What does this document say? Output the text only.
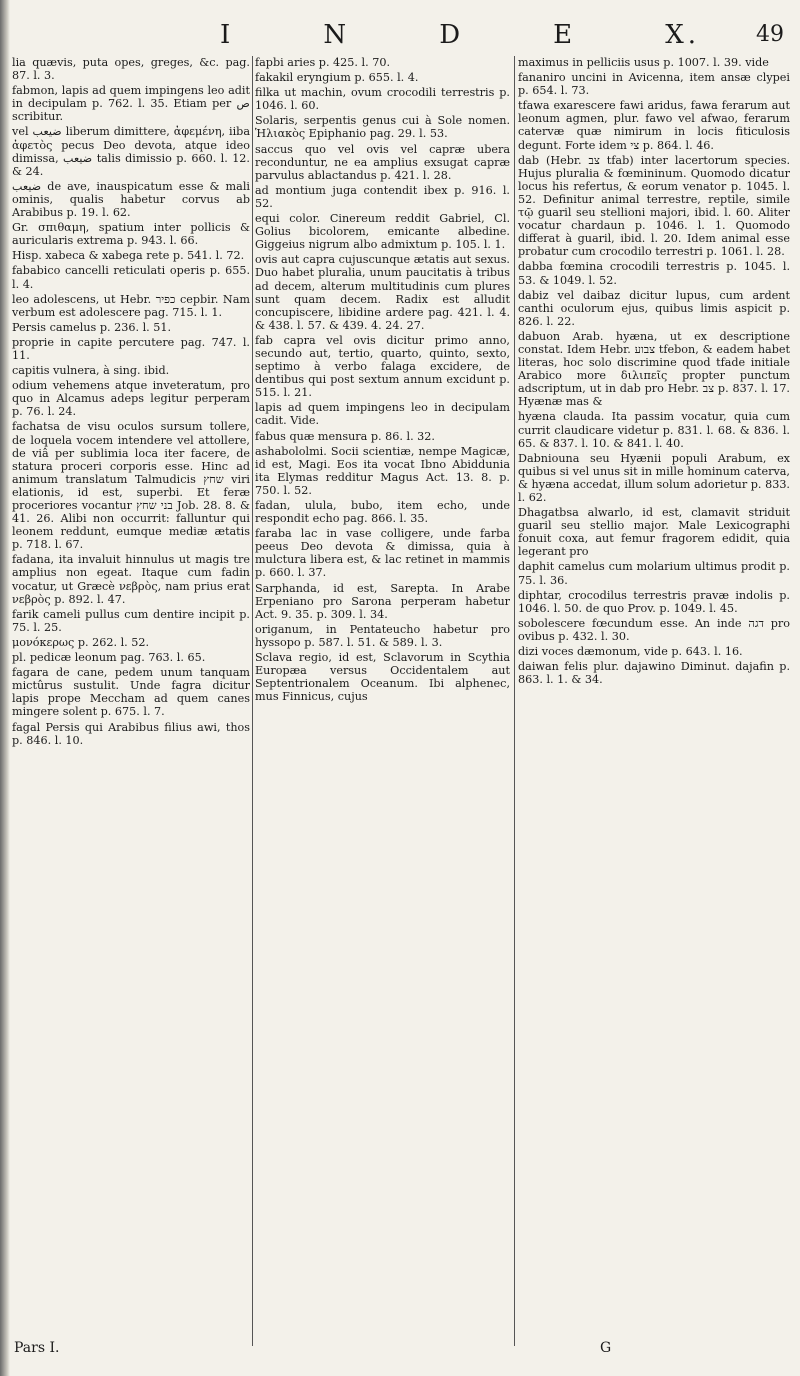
I	N	D	E	X.	49

lia quævis, puta opes, greges, &c. pag. 87. l. 3.

fabmon, lapis ad quem impingens leo adit in decipulam p. 762. l. 35. Etiam per ص scribitur.

vel ضيعب liberum dimittere, ἀφεμένη, iiba ἀφετὸς pecus Deo devota, atque ideo dimissa, ضيعب talis dimissio p. 660. l. 12. & 24.

ضيعب de ave, inauspicatum esse & mali ominis, qualis habetur corvus ab Arabibus p. 19. l. 62.

Gr. σπιθαμη, spatium inter pollicis & auricularis extrema p. 943. l. 66.

Hisp. xabeca & xabega rete p. 541. l. 72.

fababico cancelli reticulati operis p. 655. l. 4.

leo adolescens, ut Hebr. כפיר cepbir. Nam verbum est adolescere pag. 715. l. 1.

Persis camelus p. 236. l. 51.

proprie in capite percutere pag. 747. l. 11.

capitis vulnera, à sing. ibid.

odium vehemens atque inveteratum, pro quo in Alcamus adeps legitur perperam p. 76. l. 24.

fachatsa de visu oculos sursum tollere, de loquela vocem intendere vel attollere, de viâ per sublimia loca iter facere, de statura proceri corporis esse. Hinc ad animum translatum Talmudicis שחץ viri elationis, id est, superbi. Et feræ proceriores vocantur בני שחץ Job. 28. 8. & 41. 26. Alibi non occurrit: falluntur qui leonem reddunt, eumque mediæ ætatis p. 718. l. 67.

fadana, ita invaluit hinnulus ut magis tre amplius non egeat. Itaque cum fadin vocatur, ut Græcè νεβρὸς, nam prius erat νεβρὸς p. 892. l. 47.

farik cameli pullus cum dentire incipit p. 75. l. 25.

μονόκερως p. 262. l. 52.

pl. pedicæ leonum pag. 763. l. 65.

fagara de cane, pedem unum tanquam mictûrus sustulit. Unde fagra dicitur lapis prope Meccham ad quem canes mingere solent p. 675. l. 7.

fagal Persis qui Arabibus filius awi, thos p. 846. l. 10.

fapbi aries p. 425. l. 70.

fakakil eryngium p. 655. l. 4.

filka ut machin, ovum crocodili terrestris p. 1046. l. 60.

Solaris, serpentis genus cui à Sole nomen. Ἡλιακὸς Epiphanio pag. 29. l. 53.

saccus quo vel ovis vel capræ ubera reconduntur, ne ea amplius exsugat capræ parvulus ablactandus p. 421. l. 28.

ad montium juga contendit ibex p. 916. l. 52.

equi color. Cinereum reddit Gabriel, Cl. Golius bicolorem, emicante albedine. Giggeius nigrum albo admixtum p. 105. l. 1.

ovis aut capra cujuscunque ætatis aut sexus. Duo habet pluralia, unum paucitatis à tribus ad decem, alterum multitudinis cum plures sunt quam decem. Radix est alludit concupiscere, libidine ardere pag. 421. l. 4. & 438. l. 57. & 439. 4. 24. 27.

fab capra vel ovis dicitur primo anno, secundo aut, tertio, quarto, quinto, sexto, septimo à verbo falaga excidere, de dentibus qui post sextum annum excidunt p. 515. l. 21.

lapis ad quem impingens leo in decipulam cadit. Vide.

fabus quæ mensura p. 86. l. 32.

ashabololmi. Socii scientiæ, nempe Magicæ, id est, Magi. Eos ita vocat Ibno Abiddunia ita Elymas redditur Magus Act. 13. 8. p. 750. l. 52.

fadan, ulula, bubo, item echo, unde respondit echo pag. 866. l. 35.

faraba lac in vase colligere, unde farba peeus Deo devota & dimissa, quia à mulctura libera est, & lac retinet in mammis p. 660. l. 37.

Sarphanda, id est, Sarepta. In Arabe Erpeniano pro Sarona perperam habetur Act. 9. 35. p. 309. l. 34.

origanum, in Pentateucho habetur pro hyssopo p. 587. l. 51. & 589. l. 3.

Sclava regio, id est, Sclavorum in Scythia Europæa versus Occidentalem aut Septentrionalem Oceanum. Ibi alphenec, mus Finnicus, cujus

maximus in pelliciis usus p. 1007. l. 39. vide

fananiro uncini in Avicenna, item ansæ clypei p. 654. l. 73.

tfawa exarescere fawi aridus, fawa ferarum aut leonum agmen, plur. fawo vel afwao, ferarum catervæ quæ nimirum in locis fiticulosis degunt. Forte idem צי p. 864. l. 46.

dab (Hebr. צב tfab) inter lacertorum species. Hujus pluralia & fœmininum. Quomodo dicatur locus his refertus, & eorum venator p. 1045. l. 52. Definitur animal terrestre, reptile, simile τῷ guaril seu stellioni majori, ibid. l. 60. Aliter vocatur chardaun p. 1046. l. 1. Quomodo differat à guaril, ibid. l. 20. Idem animal esse probatur cum crocodilo terrestri p. 1061. l. 28.

dabba fœmina crocodili terrestris p. 1045. l. 53. & 1049. l. 52.

dabiz vel daibaz dicitur lupus, cum ardent canthi oculorum ejus, quibus limis aspicit p. 826. l. 22.

dabuon Arab. hyæna, ut ex descriptione constat. Idem Hebr. צבוע tfebon, & eadem habet literas, hoc solo discrimine quod tfade initiale Arabico more διλιπεῖς propter punctum adscriptum, ut in dab pro Hebr. צב p. 837. l. 17. Hyænæ mas &

hyæna clauda. Ita passim vocatur, quia cum currit claudicare videtur p. 831. l. 68. & 836. l. 65. & 837. l. 10. & 841. l. 40.

Dabniouna seu Hyænii populi Arabum, ex quibus si vel unus sit in mille hominum caterva, & hyæna accedat, illum solum adorietur p. 833. l. 62.

Dhagatbsa alwarlo, id est, clamavit striduit guaril seu stellio major. Male Lexicographi fonuit coxa, aut femur fragorem edidit, quia legerant pro

daphit camelus cum molarium ultimus prodit p. 75. l. 36.

diphtar, crocodilus terrestris pravæ indolis p. 1046. l. 50. de quo Prov. p. 1049. l. 45.

sobolescere fœcundum esse. An inde דגה pro ovibus p. 432. l. 30.

dizi voces dæmonum, vide p. 643. l. 16.

daiwan felis plur. dajawino Diminut. dajafin p. 863. l. 1. & 34.

Pars I.	G
